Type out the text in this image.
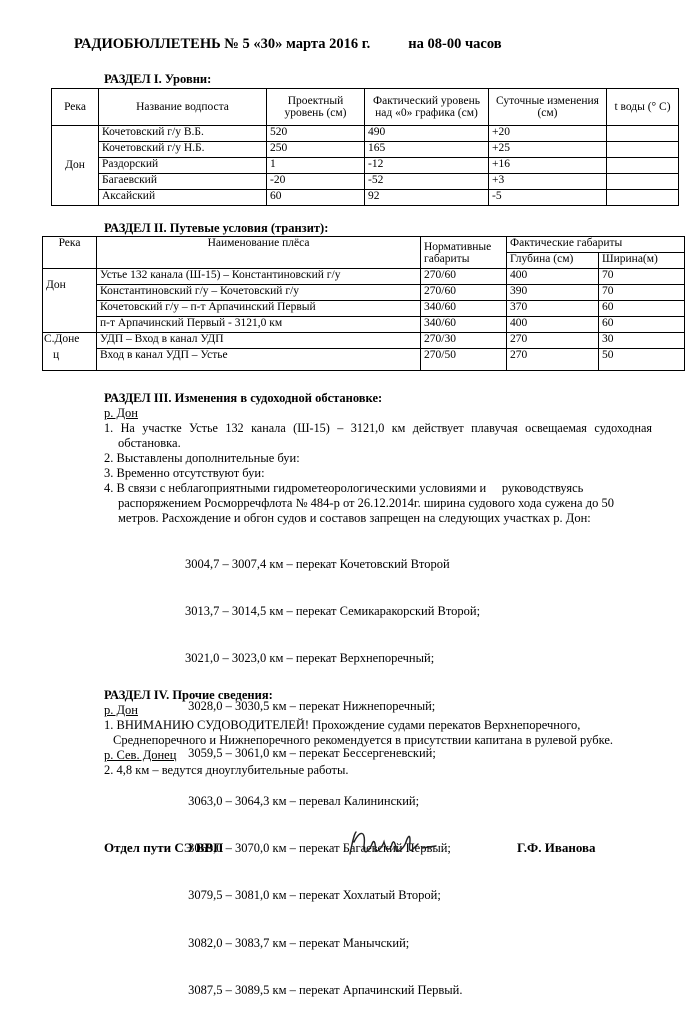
РАДИОБЮЛЛЕТЕНЬ № 5 «30» марта 2016 г.	на 08-00 часов
РАЗДЕЛ I. Уровни:
Река	Название водпоста	Проектный уровень (см)	Фактический уровень над «0» графика (см)	Суточные изменения (см)	t воды (° C)
Дон	Кочетовский г/у В.Б.	520	490	+20	
	Кочетовский г/у Н.Б.	250	165	+25	
	Раздорский	1	-12	+16	
	Багаевский	-20	-52	+3	
	Аксайский	60	92	-5	
РАЗДЕЛ II. Путевые условия (транзит):
Река	Наименование плёса	Нормативные габариты	Фактические габариты	
			Глубина (см)	Ширина(м)
Дон	Устье 132 канала (Ш-15) – Константиновский г/у	270/60	400	70
	Константиновский г/у – Кочетовский г/у	270/60	390	70
	Кочетовский г/у – п-т Арпачинский Первый	340/60	370	60
	п-т Арпачинский Первый - 3121,0 км	340/60	400	60

С.Доне
ц	УДП – Вход в канал УДП	270/30	270	30
	Вход в канал УДП – Устье	270/50	270	50
РАЗДЕЛ III. Изменения в судоходной обстановке:
р. Дон
1. На участке Устье 132 канала (Ш-15) – 3121,0 км действует плавучая освещаемая судоходная
обстановка.
2. Выставлены дополнительные буи:
3. Временно отсутствуют буи:
4. В связи с неблагоприятными гидрометеорологическими условиями и     руководствуясь
распоряжением Росморречфлота № 484-р от 26.12.2014г. ширина судового хода сужена до 50
метров. Расхождение и обгон судов и составов запрещен на следующих участках р. Дон:

3004,7 – 3007,4 км – перекат Кочетовский Второй

3013,7 – 3014,5 км – перекат Семикаракорский Второй;

3021,0 – 3023,0 км – перекат Верхнепоречный;

3028,0 – 3030,5 км – перекат Нижнепоречный;

3059,5 – 3061,0 км – перекат Бессергеневский;

3063,0 – 3064,3 км – перевал Калининский;

3069,0 – 3070,0 км – перекат Багаевский Первый;

3079,5 – 3081,0 км – перекат Хохлатый Второй;

3082,0 – 3083,7 км – перекат Манычский;

3087,5 – 3089,5 км – перекат Арпачинский Первый.

РАЗДЕЛ IV. Прочие сведения:
р. Дон
1. ВНИМАНИЮ СУДОВОДИТЕЛЕЙ! Прохождение судами перекатов Верхнепоречного,
Среднепоречного и Нижнепоречного рекомендуется в присутствии капитана в рулевой рубке.
р. Сев. Донец
2. 4,8 км – ведутся дноуглубительные работы.
Отдел пути СЭ ВВП	Г.Ф. Иванова
